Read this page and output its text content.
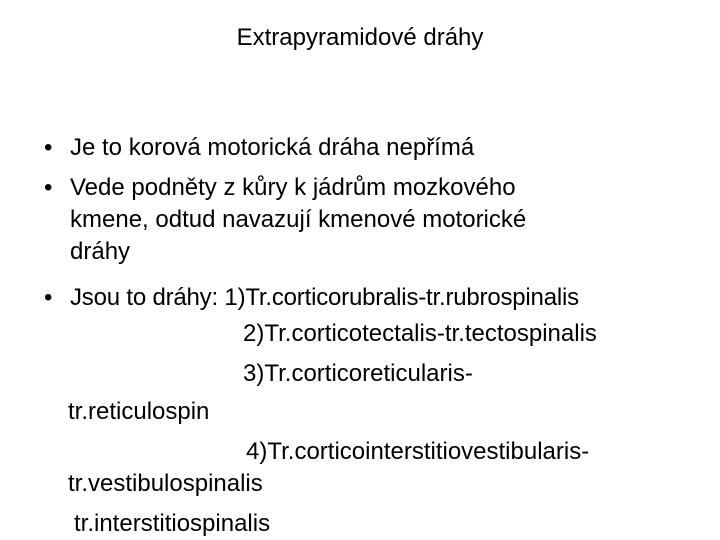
Extrapyramidové dráhy
• Je to korová motorická dráha nepřímá
• Vede podněty z kůry k jádrům mozkového
kmene, odtud navazují kmenové motorické
dráhy
• Jsou to dráhy: 1)Tr.corticorubralis-tr.rubrospinalis
2)Tr.corticotectalis-tr.tectospinalis
3)Tr.corticoreticularis-
tr.reticulospin
4)Tr.corticointerstitiovestibularis-
tr.vestibulospinalis
tr.interstitiospinalis
